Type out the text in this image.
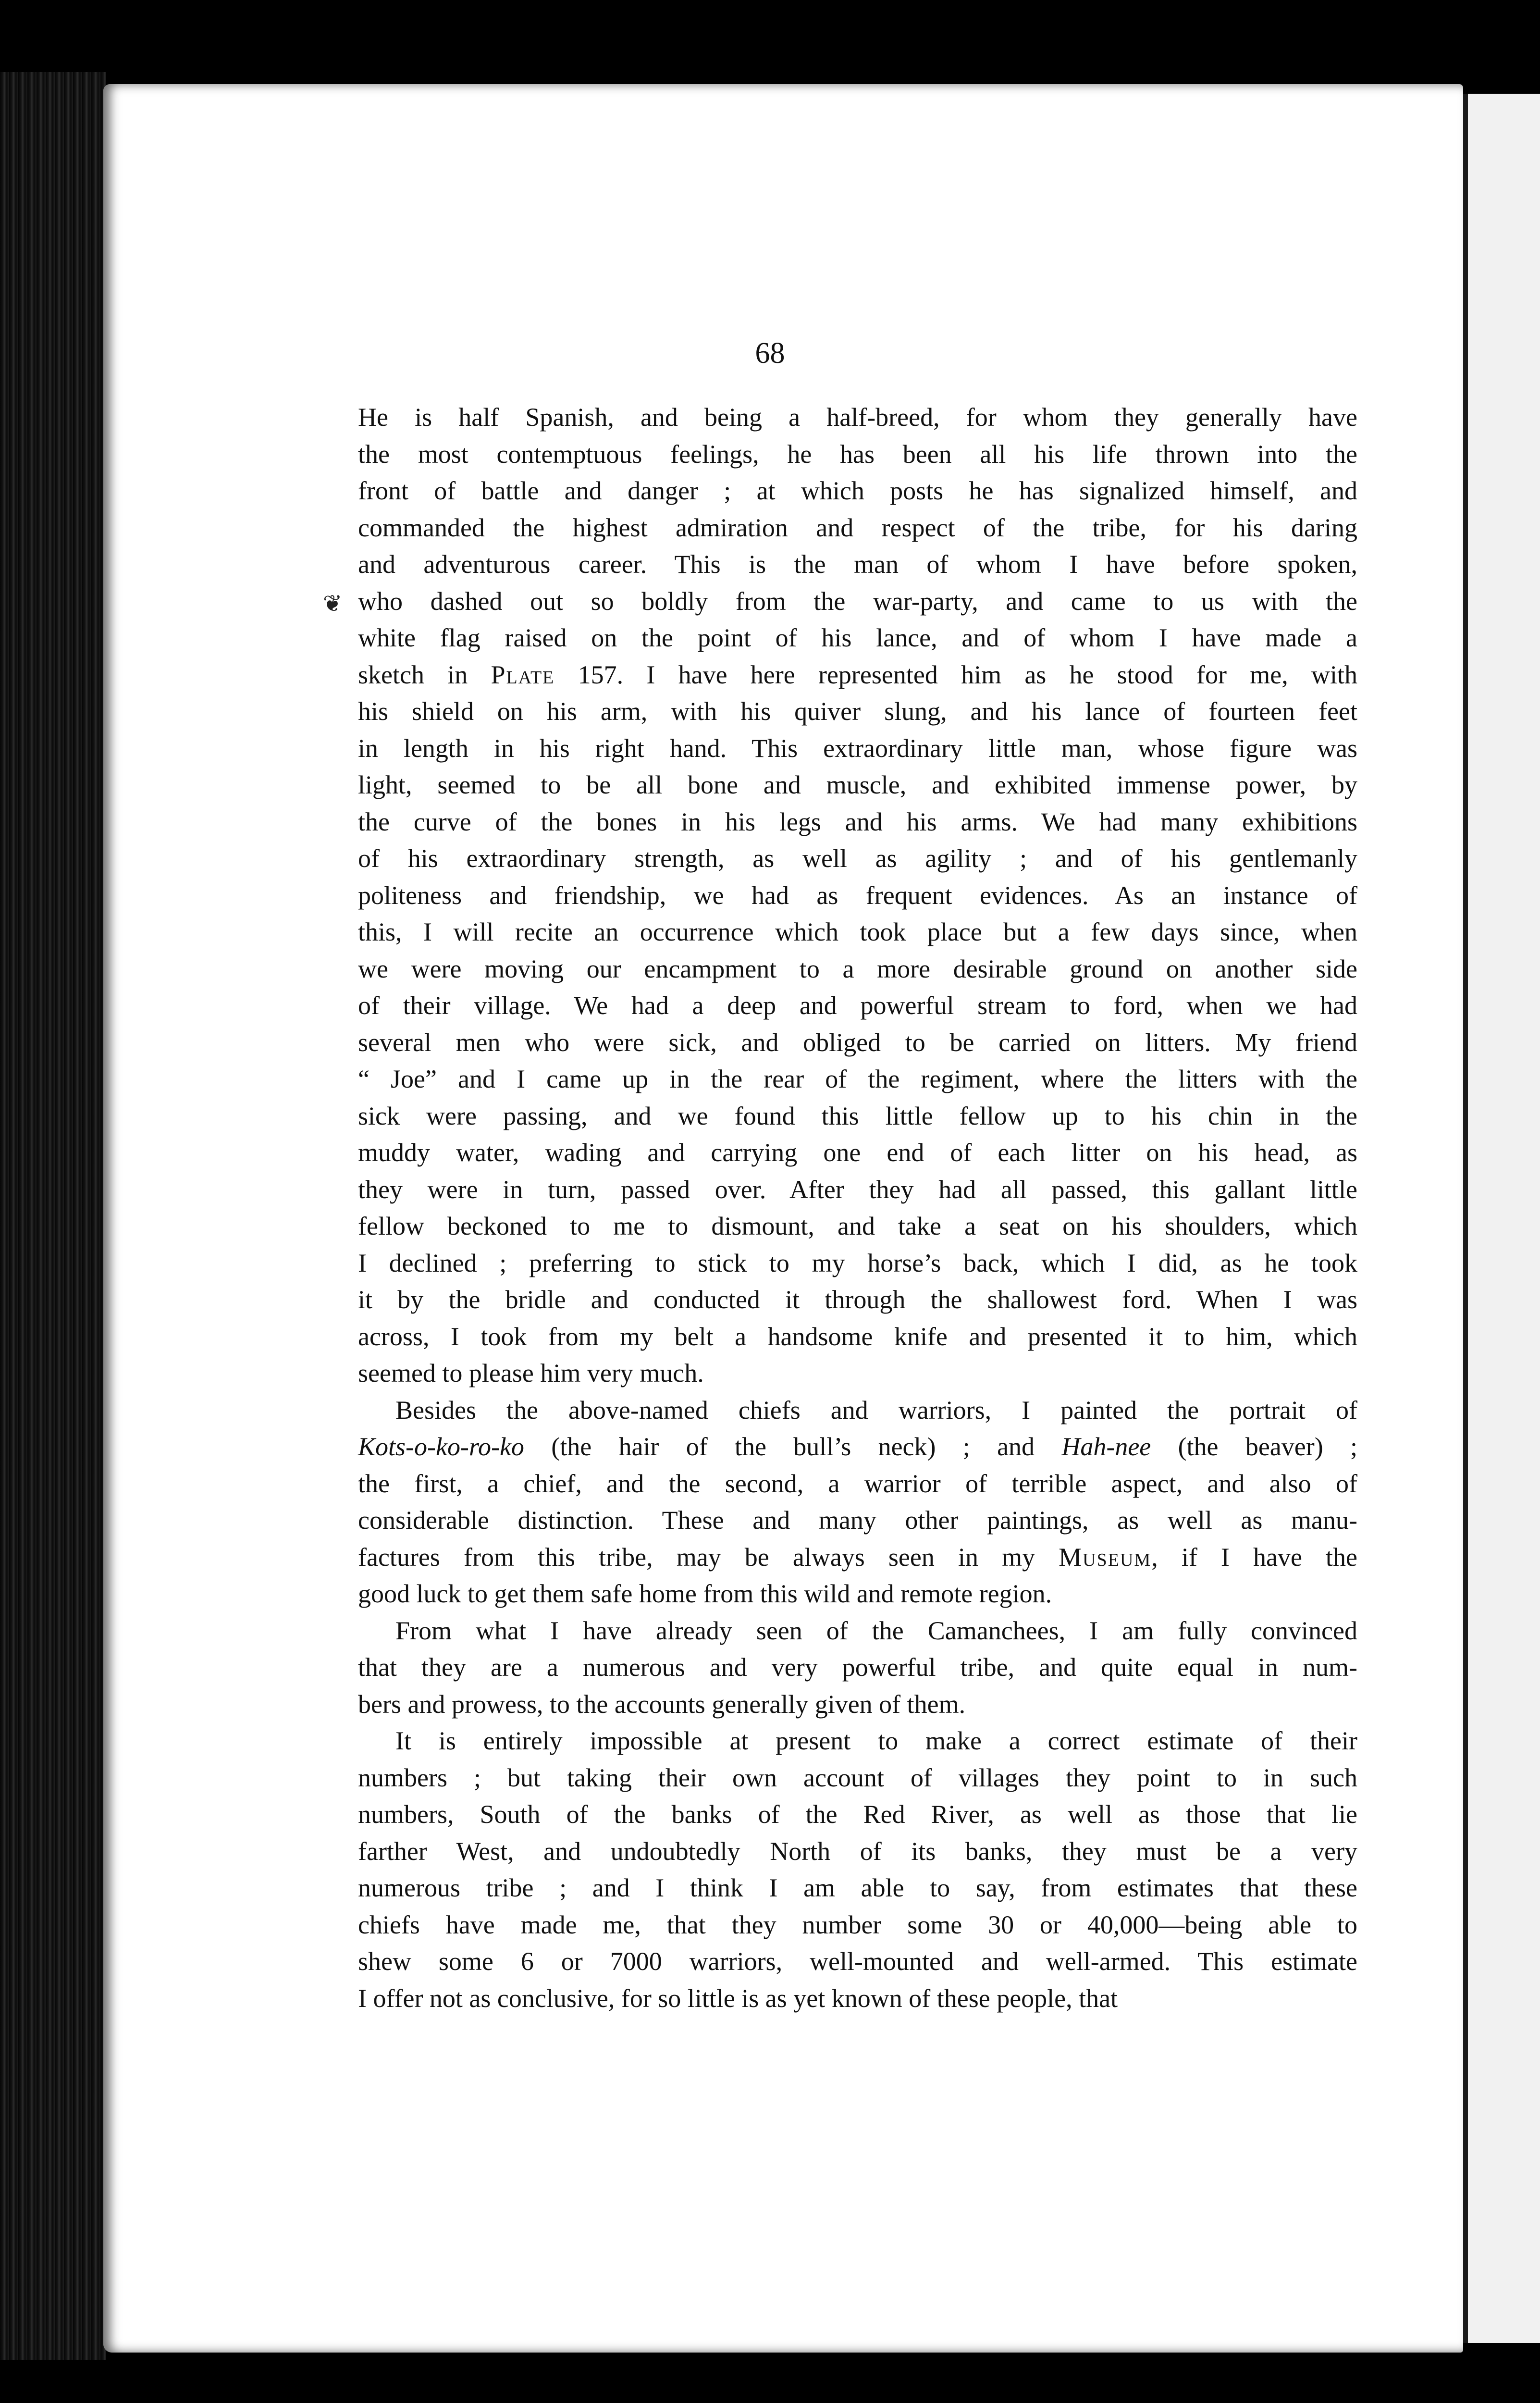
68
❦
He is half Spanish, and being a half-breed, for whom they generally have
the most contemptuous feelings, he has been all his life thrown into the
front of battle and danger ; at which posts he has signalized himself, and
commanded the highest admiration and respect of the tribe, for his daring
and adventurous career. This is the man of whom I have before spoken,
who dashed out so boldly from the war-party, and came to us with the
white flag raised on the point of his lance, and of whom I have made a
sketch in Plate 157. I have here represented him as he stood for me, with
his shield on his arm, with his quiver slung, and his lance of fourteen feet
in length in his right hand. This extraordinary little man, whose figure was
light, seemed to be all bone and muscle, and exhibited immense power, by
the curve of the bones in his legs and his arms. We had many exhibitions
of his extraordinary strength, as well as agility ; and of his gentlemanly
politeness and friendship, we had as frequent evidences. As an instance of
this, I will recite an occurrence which took place but a few days since, when
we were moving our encampment to a more desirable ground on another side
of their village. We had a deep and powerful stream to ford, when we had
several men who were sick, and obliged to be carried on litters. My friend
“ Joe” and I came up in the rear of the regiment, where the litters with the
sick were passing, and we found this little fellow up to his chin in the
muddy water, wading and carrying one end of each litter on his head, as
they were in turn, passed over. After they had all passed, this gallant little
fellow beckoned to me to dismount, and take a seat on his shoulders, which
I declined ; preferring to stick to my horse’s back, which I did, as he took
it by the bridle and conducted it through the shallowest ford. When I was
across, I took from my belt a handsome knife and presented it to him, which
seemed to please him very much.
Besides the above-named chiefs and warriors, I painted the portrait of
Kots-o-ko-ro-ko (the hair of the bull’s neck) ; and Hah-nee (the beaver) ;
the first, a chief, and the second, a warrior of terrible aspect, and also of
considerable distinction. These and many other paintings, as well as manu-
factures from this tribe, may be always seen in my Museum, if I have the
good luck to get them safe home from this wild and remote region.
From what I have already seen of the Camanchees, I am fully convinced
that they are a numerous and very powerful tribe, and quite equal in num-
bers and prowess, to the accounts generally given of them.
It is entirely impossible at present to make a correct estimate of their
numbers ; but taking their own account of villages they point to in such
numbers, South of the banks of the Red River, as well as those that lie
farther West, and undoubtedly North of its banks, they must be a very
numerous tribe ; and I think I am able to say, from estimates that these
chiefs have made me, that they number some 30 or 40,000—being able to
shew some 6 or 7000 warriors, well-mounted and well-armed. This estimate
I offer not as conclusive, for so little is as yet known of these people, that
